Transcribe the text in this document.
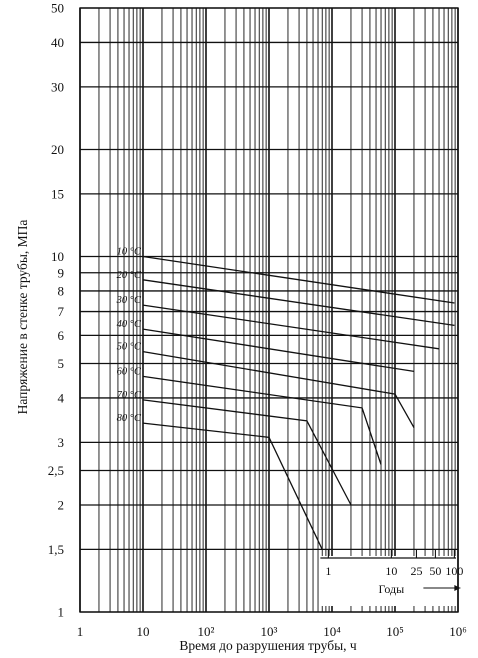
10 °C
20 °C
30 °C
40 °C
50 °C
60 °C
70 °C
80 °C
1	10 25 50 100
Годы
1
1,5
2
2,5
3
4
5
6
7
8
9
10
15
20
30
40
50
1	10	10²	10³	10⁴	10⁵	10⁶
Время до разрушения трубы, ч
Напряжение в стенке трубы, МПа
